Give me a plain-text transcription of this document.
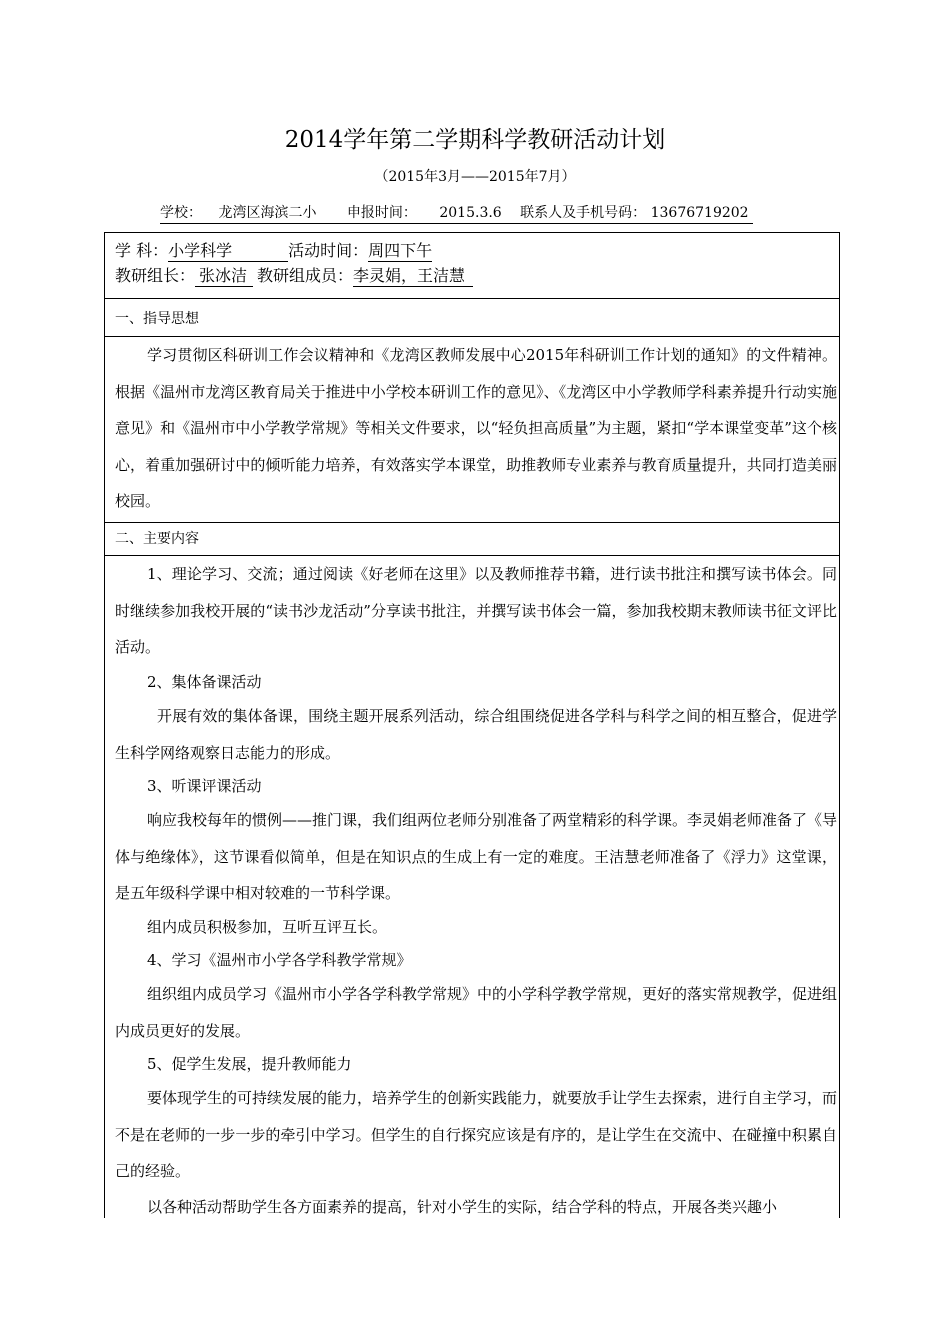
2014学年第二学期科学教研活动计划
（2015年3月——2015年7月）
学校： 龙湾区海滨二小 申报时间： 2015.3.6 联系人及手机号码： 13676719202
学 科：小学科学	活动时间：周四下午
教研组长： 张冰洁 教研组成员：李灵娟，王洁慧
一、指导思想
学习贯彻区科研训工作会议精神和《龙湾区教师发展中心2015年科研训工作计划的通知》的文件精神。根据《温州市龙湾区教育局关于推进中小学校本研训工作的意见》、《龙湾区中小学教师学科素养提升行动实施意见》和《温州市中小学教学常规》等相关文件要求，以“轻负担高质量”为主题，紧扣“学本课堂变革”这个核心，着重加强研讨中的倾听能力培养，有效落实学本课堂，助推教师专业素养与教育质量提升，共同打造美丽校园。
二、主要内容
1、理论学习、交流；通过阅读《好老师在这里》以及教师推荐书籍，进行读书批注和撰写读书体会。同时继续参加我校开展的“读书沙龙活动”分享读书批注，并撰写读书体会一篇，参加我校期末教师读书征文评比活动。
2、集体备课活动
开展有效的集体备课，围绕主题开展系列活动，综合组围绕促进各学科与科学之间的相互整合，促进学生科学网络观察日志能力的形成。
3、听课评课活动
响应我校每年的惯例——推门课，我们组两位老师分别准备了两堂精彩的科学课。李灵娟老师准备了《导体与绝缘体》，这节课看似简单，但是在知识点的生成上有一定的难度。王洁慧老师准备了《浮力》这堂课，是五年级科学课中相对较难的一节科学课。
组内成员积极参加，互听互评互长。
4、学习《温州市小学各学科教学常规》
组织组内成员学习《温州市小学各学科教学常规》中的小学科学教学常规，更好的落实常规教学，促进组内成员更好的发展。
5、促学生发展，提升教师能力
要体现学生的可持续发展的能力，培养学生的创新实践能力，就要放手让学生去探索，进行自主学习，而不是在老师的一步一步的牵引中学习。但学生的自行探究应该是有序的，是让学生在交流中、在碰撞中积累自己的经验。
以各种活动帮助学生各方面素养的提高，针对小学生的实际，结合学科的特点，开展各类兴趣小
